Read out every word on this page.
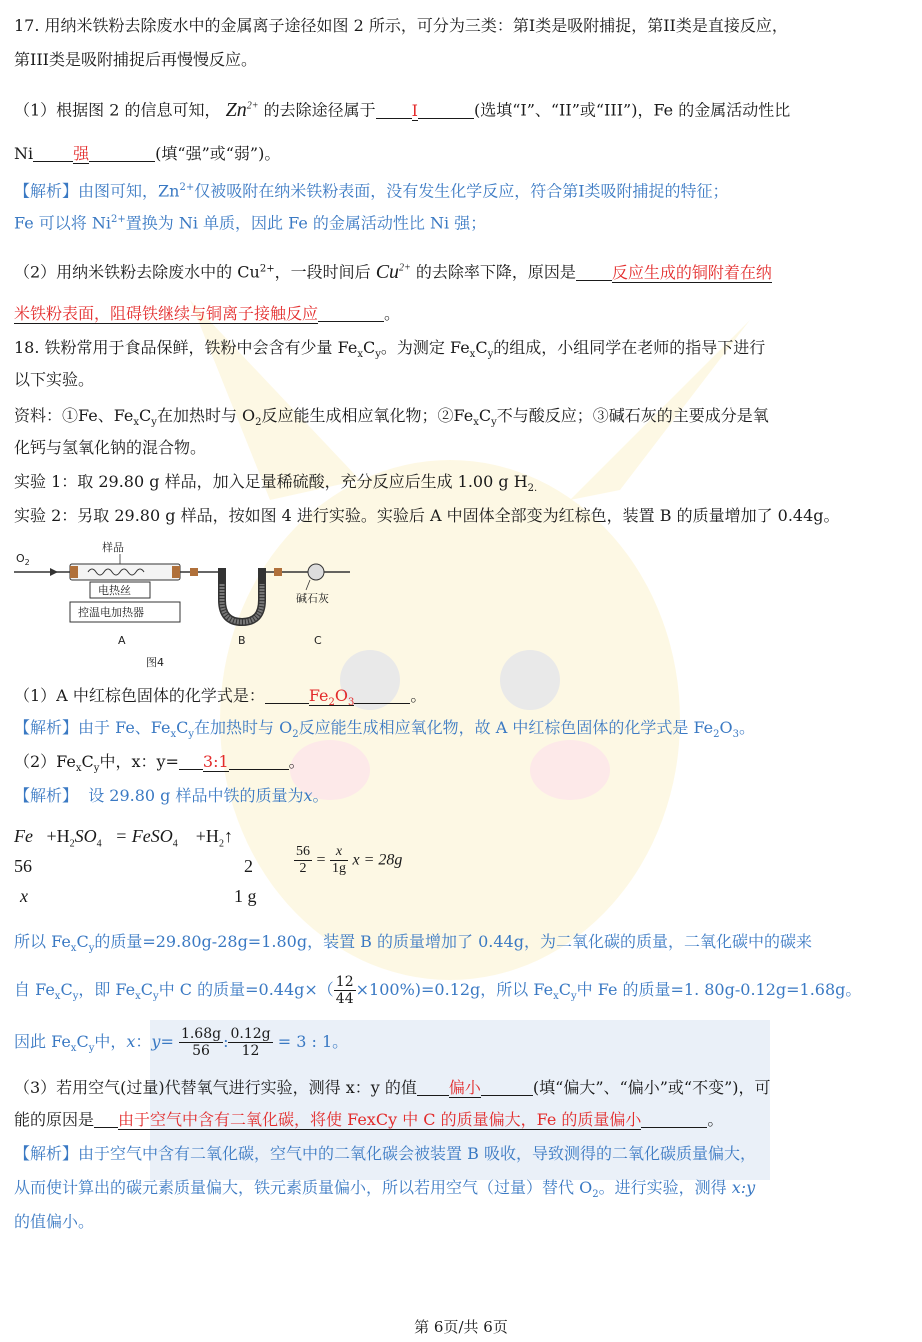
17. 用纳米铁粉去除废水中的金属离子途径如图 2 所示，可分为三类：第I类是吸附捕捉，第II类是直接反应，
第III类是吸附捕捉后再慢慢反应。
（1）根据图 2 的信息可知， $Zn^{2+}$ 的去除途径属于 I	(选填“I”、“II”或“III”)，Fe 的金属活动性比
Ni	强	(填“强”或“弱”)。
【解析】由图可知，$Zn^{2+}$仅被吸附在纳米铁粉表面，没有发生化学反应，符合第I类吸附捕捉的特征；
Fe 可以将 $Ni^{2+}$置换为 Ni 单质，因此 Fe 的金属活动性比 Ni 强；
（2）用纳米铁粉去除废水中的 $Cu^{2+}$，一段时间后 $Cu^{2+}$ 的去除率下降，原因是 反应生成的铜附着在纳
米铁粉表面，阻碍铁继续与铜离子接触反应	。
18. 铁粉常用于食品保鲜，铁粉中会含有少量 $Fe_xC_y$。为测定 $Fe_xC_y$的组成，小组同学在老师的指导下进行
以下实验。
资料：①Fe、$Fe_xC_y$在加热时与 $O_2$反应能生成相应氧化物；$②Fe_xC_y$不与酸反应；③碱石灰的主要成分是氧
化钙与氢氧化钠的混合物。
实验 1：取 29.80 g 样品，加入足量稀硫酸，充分反应后生成 1.00 g $H_{2.}$
实验 2：另取 29.80 g 样品，按如图 4 进行实验。实验后 A 中固体全部变为红棕色，装置 B 的质量增加了 0.44g。
$O_2$
样品
电热丝
控温电加热器
碱石灰
A	B	C
图4
（1）A 中红棕色固体的化学式是：	$Fe_2O_3$	。
【解析】由于 Fe、$Fe_xC_y$在加热时与 $O_2$反应能生成相应氧化物，故 A 中红棕色固体的化学式是 $Fe_2O_3$。
$(2)Fe_xC_y$中，x：y= 3:1	。
【解析】 设 29.80 g 样品中铁的质量为x。
$Fe +H_2SO_4$ = FeSO$_4$ $+H_2↑$
56	2
x	1 g
$\frac{56}{2} = \frac{x}{1g}$ x = 28g
所以 $Fe_xC_y$的质量=29.80g-28g=1.80g，装置 B 的质量增加了 0.44g，为二氧化碳的质量，二氧化碳中的碳来
自 $Fe_xC_y$，即 $Fe_xC_y$中 C 的质量$=0.44g\times( \frac{12}{44} \times 100\%)=0.12g$，所以 $Fe_xC_y$中 Fe 的质量=1. 80g-0.12g=1.68g。
因此 $Fe_xC_y$中，x：$y= \frac{1.68g}{56}$ : $\frac{0.12g}{12} = 3$ : 1。
（3）若用空气(过量)代替氧气进行实验，测得 x：y 的值 偏小	(填“偏大”、“偏小”或“不变”)，可
能的原因是 由于空气中含有二氧化碳，将使 FexCy 中 C 的质量偏大，Fe 的质量偏小	。
【解析】由于空气中含有二氧化碳，空气中的二氧化碳会被装置 B 吸收，导致测得的二氧化碳质量偏大，
从而使计算出的碳元素质量偏大，铁元素质量偏小，所以若用空气（过量）替代 $O_2$。进行实验，测得 x:y
的值偏小。
第 6页/共 6页
